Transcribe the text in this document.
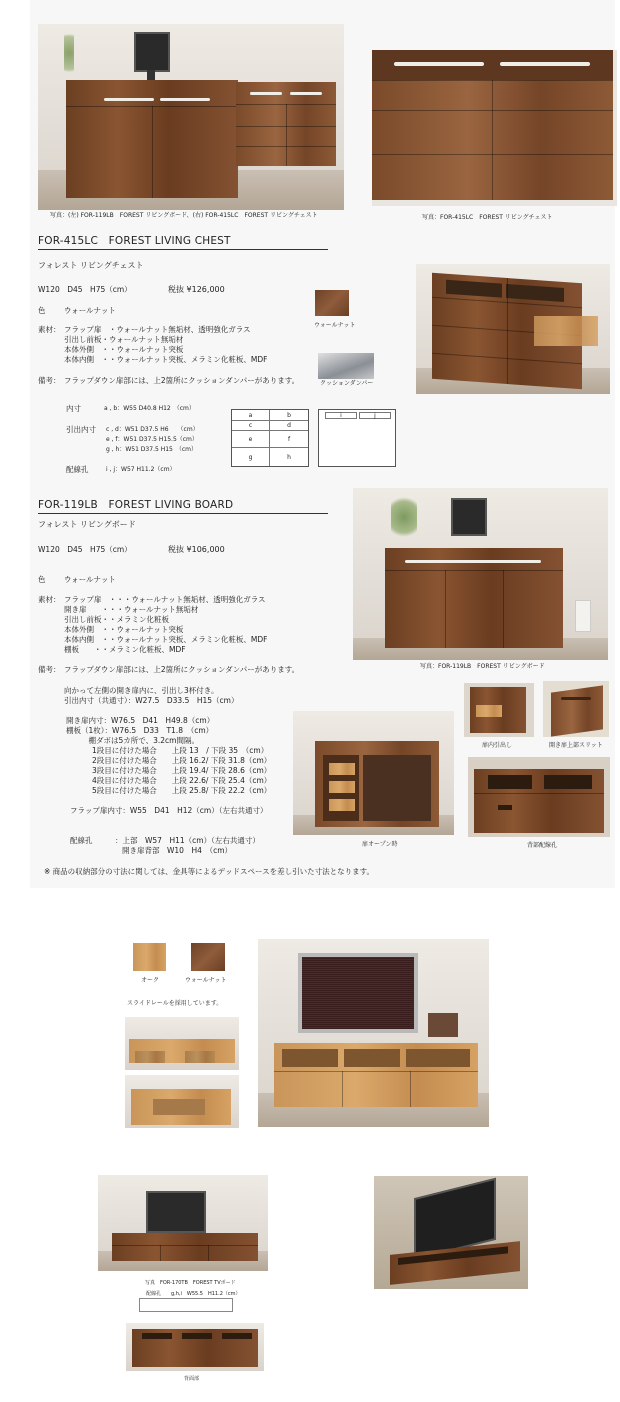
写真：(左) FOR-119LB　FOREST リビングボード、(右) FOR-415LC　FOREST リビングチェスト	写真：FOR-415LC　FOREST リビングチェスト
FOR-415LC　FOREST LIVING CHEST
フォレスト リビングチェスト
W120　D45　H75（cm）	税抜 ¥126,000
色 ウォールナット
ウォールナット
クッションダンパー
素材： フラップ扉　・ウォールナット無垢材、透明強化ガラス
引出し前板・ウォールナット無垢材
本体外側　・・ウォールナット突板
本体内側　・・ウォールナット突板、メラミン化粧板、MDF
備考： フラップダウン扉部には、上2箇所にクッションダンパーがあります。
内寸	a , b：W55 D40.8 H12　（cm）
引出内寸 c , d：W51 D37.5 H6　　（cm）
e , f：W51 D37.5 H15.5（cm）
g , h：W51 D37.5 H15　（cm）
配線孔	i , j：W57 H11.2（cm）
a	b
c	d
e	f
g	h
i	j
FOR-119LB　FOREST LIVING BOARD
フォレスト リビングボード
W120　D45　H75（cm）	税抜 ¥106,000
色 ウォールナット
素材： フラップ扉　・・・ウォールナット無垢材、透明強化ガラス
開き扉　　・・・ウォールナット無垢材
引出し前板・・メラミン化粧板
本体外側　・・ウォールナット突板
本体内側　・・ウォールナット突板、メラミン化粧板、MDF
棚板　　・・メラミン化粧板、MDF
備考： フラップダウン扉部には、上2箇所にクッションダンパーがあります。
向かって左側の開き扉内に、引出し3杯付き。
引出内寸（共通寸）：W27.5　D33.5　H15（cm）
開き扉内寸：W76.5　D41　H49.8（cm）
棚板（1枚）：W76.5　D33　T1.8　（cm）
　　　棚ダボは5カ所で、3.2cm間隔。
1段目に付けた場合　　上段 13　/ 下段 35　（cm）
2段目に付けた場合　　上段 16.2/ 下段 31.8（cm）
3段目に付けた場合　　上段 19.4/ 下段 28.6（cm）
4段目に付けた場合　　上段 22.6/ 下段 25.4（cm）
5段目に付けた場合　　上段 25.8/ 下段 22.2（cm）
フラップ扉内寸：W55　D41　H12（cm）（左右共通寸）
配線孔　　　：上部　W57　H11（cm）（左右共通寸）
　　　　開き扉背部　W10　H4　（cm）
写真：FOR-119LB　FOREST リビングボード
扉オープン時
扉内引出し	開き扉上部スリット
背部配線孔
※ 商品の収納部分の寸法に関しては、金具等によるデッドスペースを差し引いた寸法となります。
オーク	ウォールナット
スライドレールを採用しています。
写真　FOR-170TB　FOREST TVボード
配線孔　　g,h,i　W55.5　H11.2（cm）
背面部
